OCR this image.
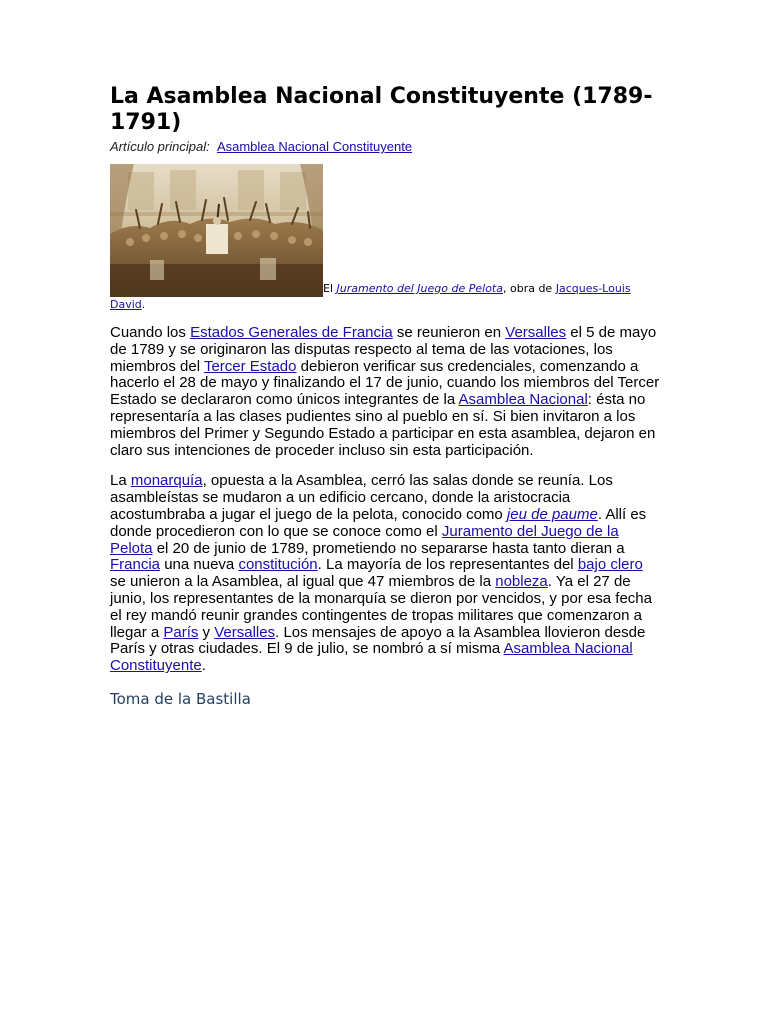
La Asamblea Nacional Constituyente (1789-1791)
Artículo principal: Asamblea Nacional Constituyente
El Juramento del Juego de Pelota, obra de Jacques-Louis David.

Cuando los Estados Generales de Francia se reunieron en Versalles el 5 de mayo de 1789 y se originaron las disputas respecto al tema de las votaciones, los miembros del Tercer Estado debieron verificar sus credenciales, comenzando a hacerlo el 28 de mayo y finalizando el 17 de junio, cuando los miembros del Tercer Estado se declararon como únicos integrantes de la Asamblea Nacional: ésta no representaría a las clases pudientes sino al pueblo en sí. Si bien invitaron a los miembros del Primer y Segundo Estado a participar en esta asamblea, dejaron en claro sus intenciones de proceder incluso sin esta participación.

La monarquía, opuesta a la Asamblea, cerró las salas donde se reunía. Los asambleístas se mudaron a un edificio cercano, donde la aristocracia acostumbraba a jugar el juego de la pelota, conocido como jeu de paume. Allí es donde procedieron con lo que se conoce como el Juramento del Juego de la Pelota el 20 de junio de 1789, prometiendo no separarse hasta tanto dieran a Francia una nueva constitución. La mayoría de los representantes del bajo clero se unieron a la Asamblea, al igual que 47 miembros de la nobleza. Ya el 27 de junio, los representantes de la monarquía se dieron por vencidos, y por esa fecha el rey mandó reunir grandes contingentes de tropas militares que comenzaron a llegar a París y Versalles. Los mensajes de apoyo a la Asamblea llovieron desde París y otras ciudades. El 9 de julio, se nombró a sí misma Asamblea Nacional Constituyente.

Toma de la Bastilla
